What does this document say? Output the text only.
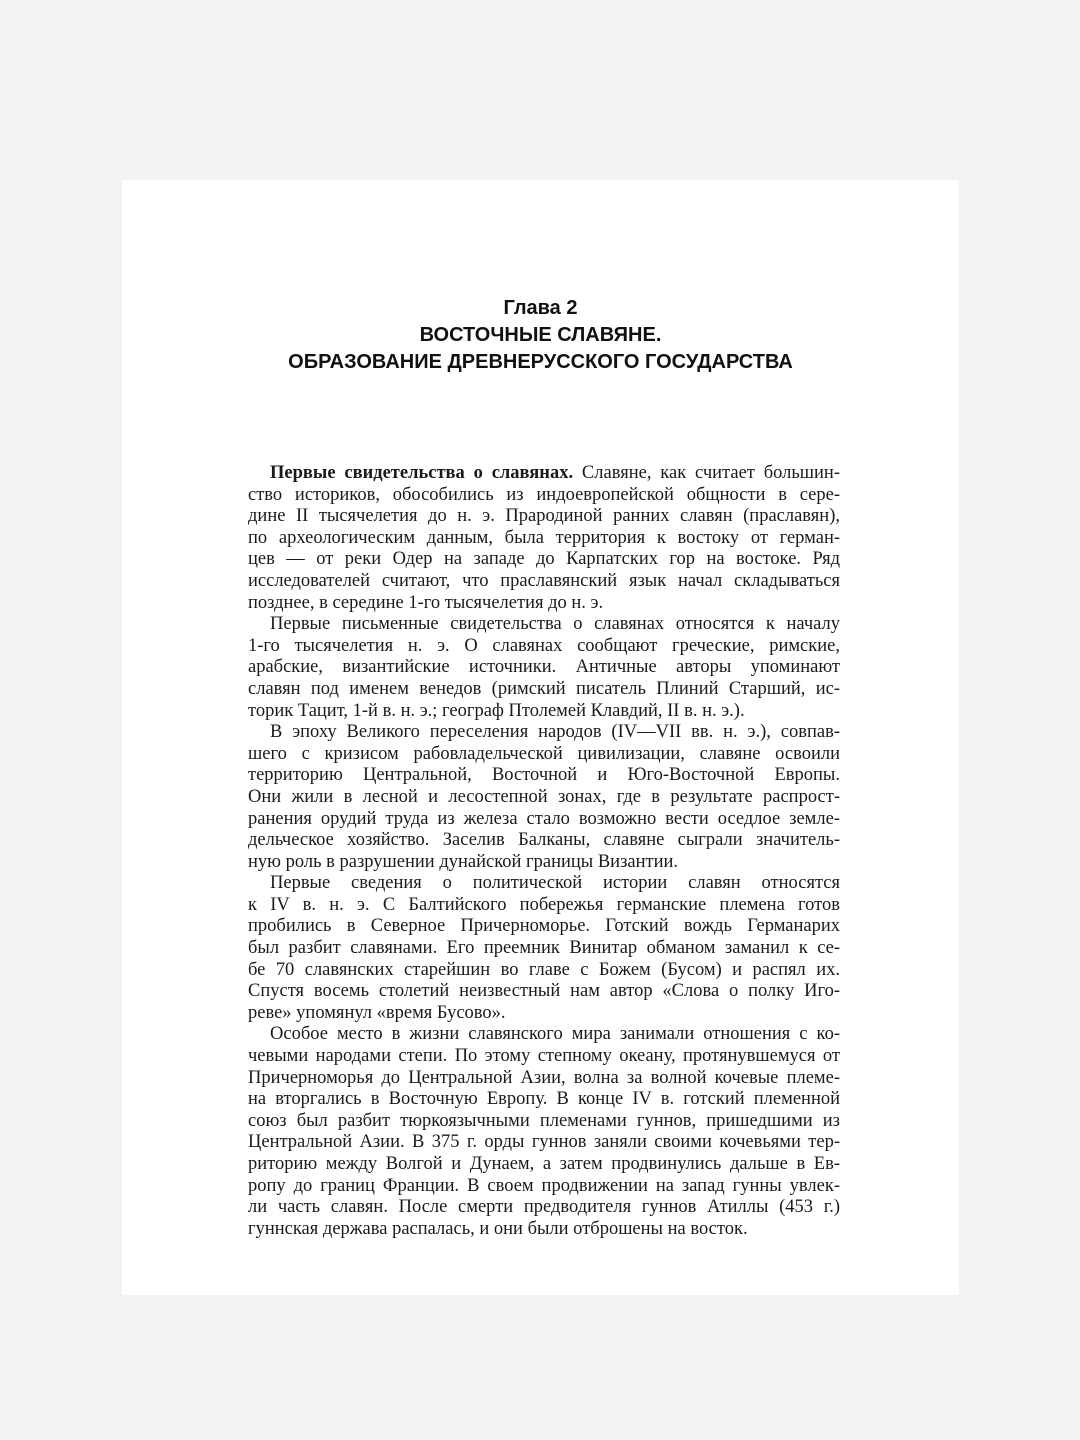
Глава 2
ВОСТОЧНЫЕ СЛАВЯНЕ.
ОБРАЗОВАНИЕ ДРЕВНЕРУССКОГО ГОСУДАРСТВА
Первые свидетельства о славянах. Славяне, как считает большин-
ство историков, обособились из индоевропейской общности в сере-
дине II тысячелетия до н. э. Прародиной ранних славян (праславян),
по археологическим данным, была территория к востоку от герман-
цев — от реки Одер на западе до Карпатских гор на востоке. Ряд
исследователей считают, что праславянский язык начал складываться
позднее, в середине 1-го тысячелетия до н. э.
Первые письменные свидетельства о славянах относятся к началу
1-го тысячелетия н. э. О славянах сообщают греческие, римские,
арабские, византийские источники. Античные авторы упоминают
славян под именем венедов (римский писатель Плиний Старший, ис-
торик Тацит, 1-й в. н. э.; географ Птолемей Клавдий, II в. н. э.).
В эпоху Великого переселения народов (IV—VII вв. н. э.), совпав-
шего с кризисом рабовладельческой цивилизации, славяне освоили
территорию Центральной, Восточной и Юго-Восточной Европы.
Они жили в лесной и лесостепной зонах, где в результате распрост-
ранения орудий труда из железа стало возможно вести оседлое земле-
дельческое хозяйство. Заселив Балканы, славяне сыграли значитель-
ную роль в разрушении дунайской границы Византии.
Первые сведения о политической истории славян относятся
к IV в. н. э. С Балтийского побережья германские племена готов
пробились в Северное Причерноморье. Готский вождь Германарих
был разбит славянами. Его преемник Винитар обманом заманил к се-
бе 70 славянских старейшин во главе с Божем (Бусом) и распял их.
Спустя восемь столетий неизвестный нам автор «Слова о полку Иго-
реве» упомянул «время Бусово».
Особое место в жизни славянского мира занимали отношения с ко-
чевыми народами степи. По этому степному океану, протянувшемуся от
Причерноморья до Центральной Азии, волна за волной кочевые племе-
на вторгались в Восточную Европу. В конце IV в. готский племенной
союз был разбит тюркоязычными племенами гуннов, пришедшими из
Центральной Азии. В 375 г. орды гуннов заняли своими кочевьями тер-
риторию между Волгой и Дунаем, а затем продвинулись дальше в Ев-
ропу до границ Франции. В своем продвижении на запад гунны увлек-
ли часть славян. После смерти предводителя гуннов Атиллы (453 г.)
гуннская держава распалась, и они были отброшены на восток.
